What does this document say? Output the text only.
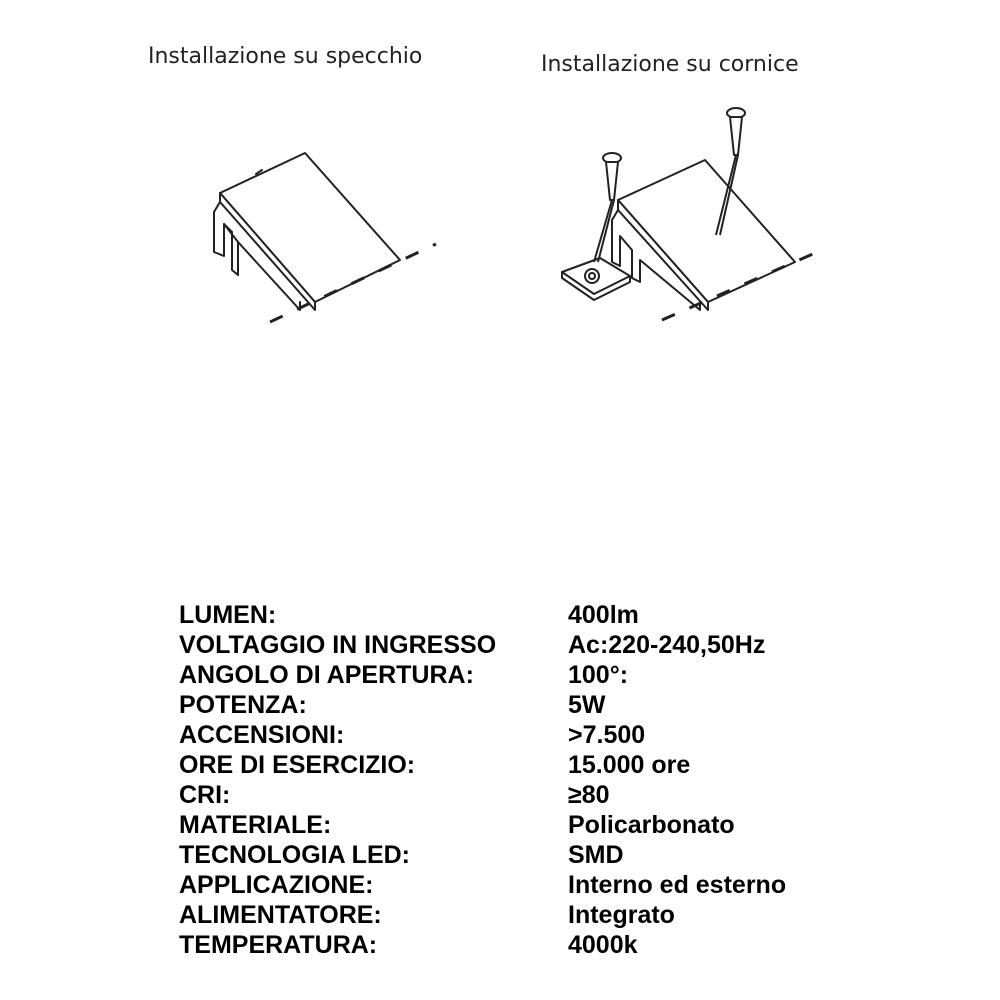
Installazione su specchio	Installazione su cornice
LUMEN:	400lm
VOLTAGGIO IN INGRESSO	Ac:220-240,50Hz
ANGOLO DI APERTURA:	100°:
POTENZA:	5W
ACCENSIONI:	>7.500
ORE DI ESERCIZIO:	15.000 ore
CRI:	≥80
MATERIALE:	Policarbonato
TECNOLOGIA LED:	SMD
APPLICAZIONE:	Interno ed esterno
ALIMENTATORE:	Integrato
TEMPERATURA:	4000k
